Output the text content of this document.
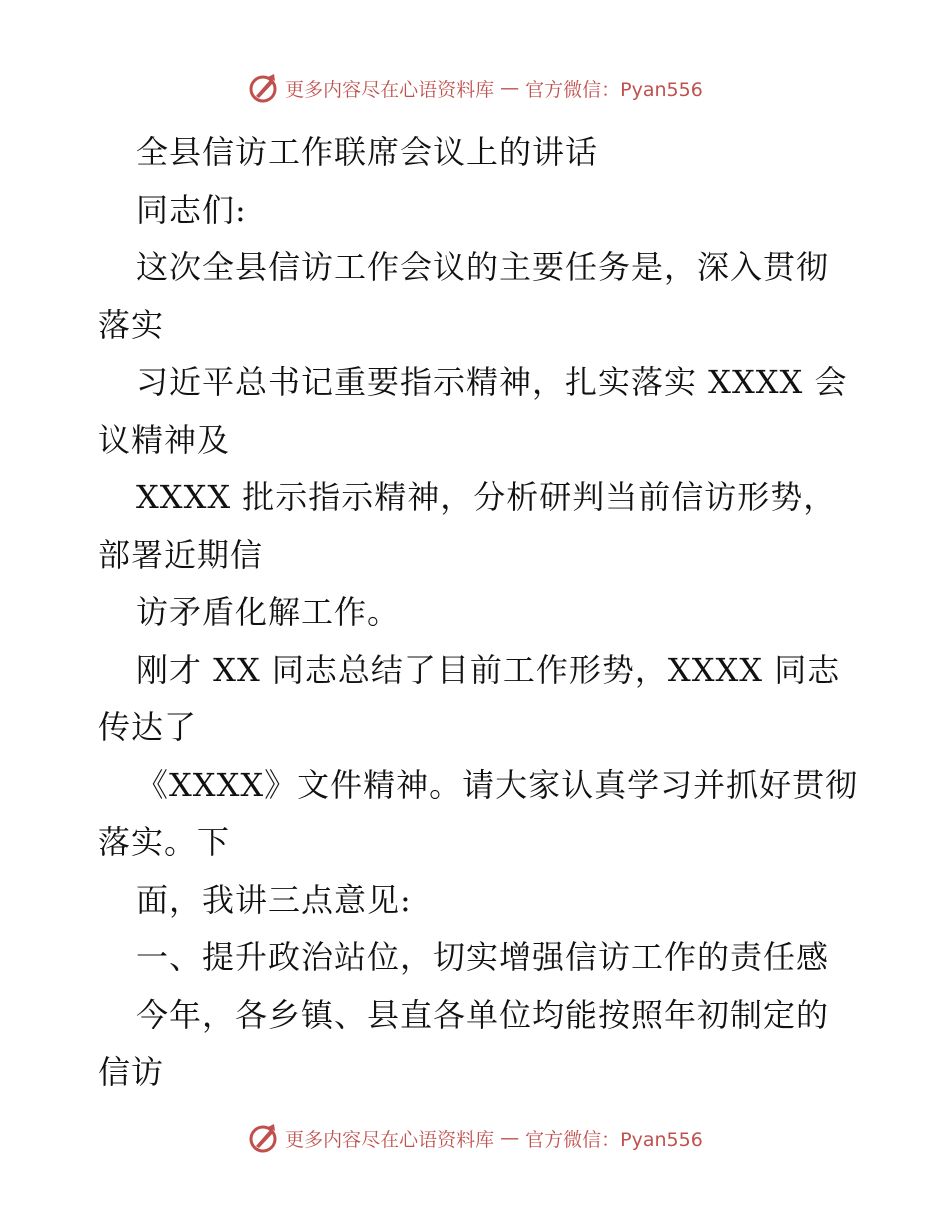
更多内容尽在心语资料库 — 官方微信：Pyan556

全县信访工作联席会议上的讲话

同志们:

这次全县信访工作会议的主要任务是，深入贯彻

落实

习近平总书记重要指示精神，扎实落实 XXXX 会

议精神及

XXXX 批示指示精神，分析研判当前信访形势，

部署近期信

访矛盾化解工作。

刚才 XX 同志总结了目前工作形势，XXXX 同志

传达了

《XXXX》文件精神。请大家认真学习并抓好贯彻

落实。下

面，我讲三点意见:

一、提升政治站位，切实增强信访工作的责任感

今年，各乡镇、县直各单位均能按照年初制定的

信访

更多内容尽在心语资料库 — 官方微信：Pyan556
